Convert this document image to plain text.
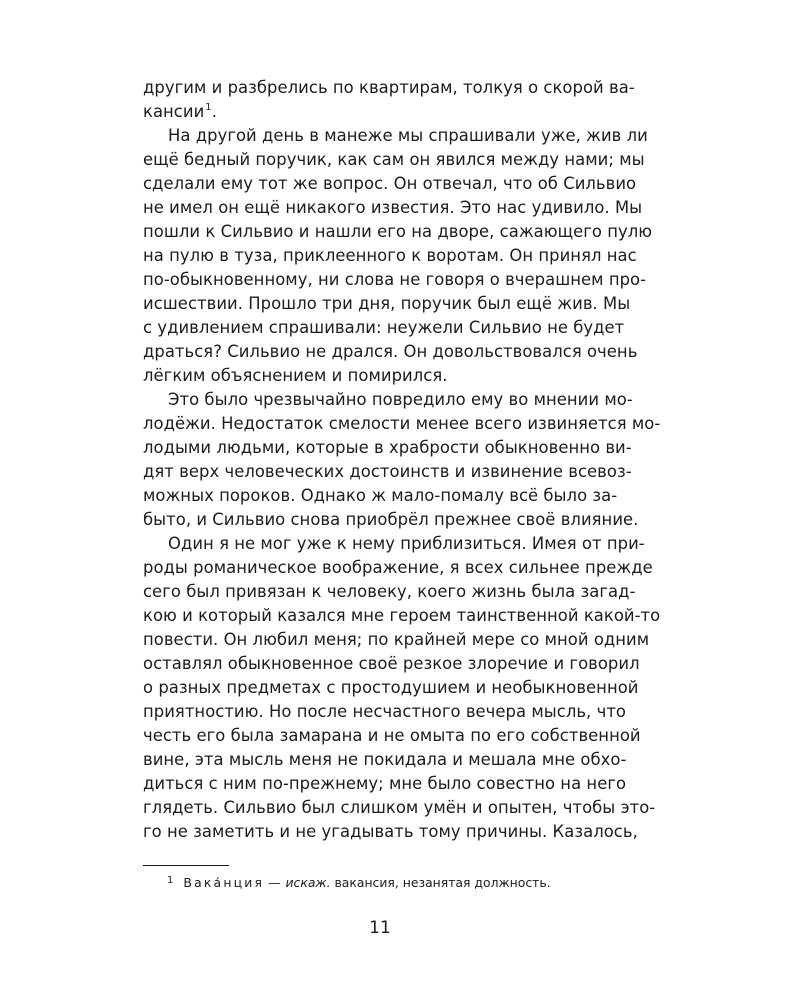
другим и разбрелись по квартирам, толкуя о скорой ва-
кансии$^1$.
На другой день в манеже мы спрашивали уже, жив ли
ещё бедный поручик, как сам он явился между нами; мы
сделали ему тот же вопрос. Он отвечал, что об Сильвио
не имел он ещё никакого известия. Это нас удивило. Мы
пошли к Сильвио и нашли его на дворе, сажающего пулю
на пулю в туза, приклеенного к воротам. Он принял нас
по-обыкновенному, ни слова не говоря о вчерашнем про-
исшествии. Прошло три дня, поручик был ещё жив. Мы
с удивлением спрашивали: неужели Сильвио не будет
драться? Сильвио не дрался. Он довольствовался очень
лёгким объяснением и помирился.
Это было чрезвычайно повредило ему во мнении мо-
лодёжи. Недостаток смелости менее всего извиняется мо-
лодыми людьми, которые в храбрости обыкновенно ви-
дят верх человеческих достоинств и извинение всевоз-
можных пороков. Однако ж мало-помалу всё было за-
быто, и Сильвио снова приобрёл прежнее своё влияние.
Один я не мог уже к нему приблизиться. Имея от при-
роды романическое воображение, я всех сильнее прежде
сего был привязан к человеку, коего жизнь была загад-
кою и который казался мне героем таинственной какой-то
повести. Он любил меня; по крайней мере со мной одним
оставлял обыкновенное своё резкое злоречие и говорил
о разных предметах с простодушием и необыкновенной
приятностию. Но после несчастного вечера мысль, что
честь его была замарана и не омыта по его собственной
вине, эта мысль меня не покидала и мешала мне обхо-
диться с ним по-прежнему; мне было совестно на него
глядеть. Сильвио был слишком умён и опытен, чтобы это-
го не заметить и не угадывать тому причины. Казалось,
$^1$ Вака́нция — искаж. вакансия, незанятая должность.
11
